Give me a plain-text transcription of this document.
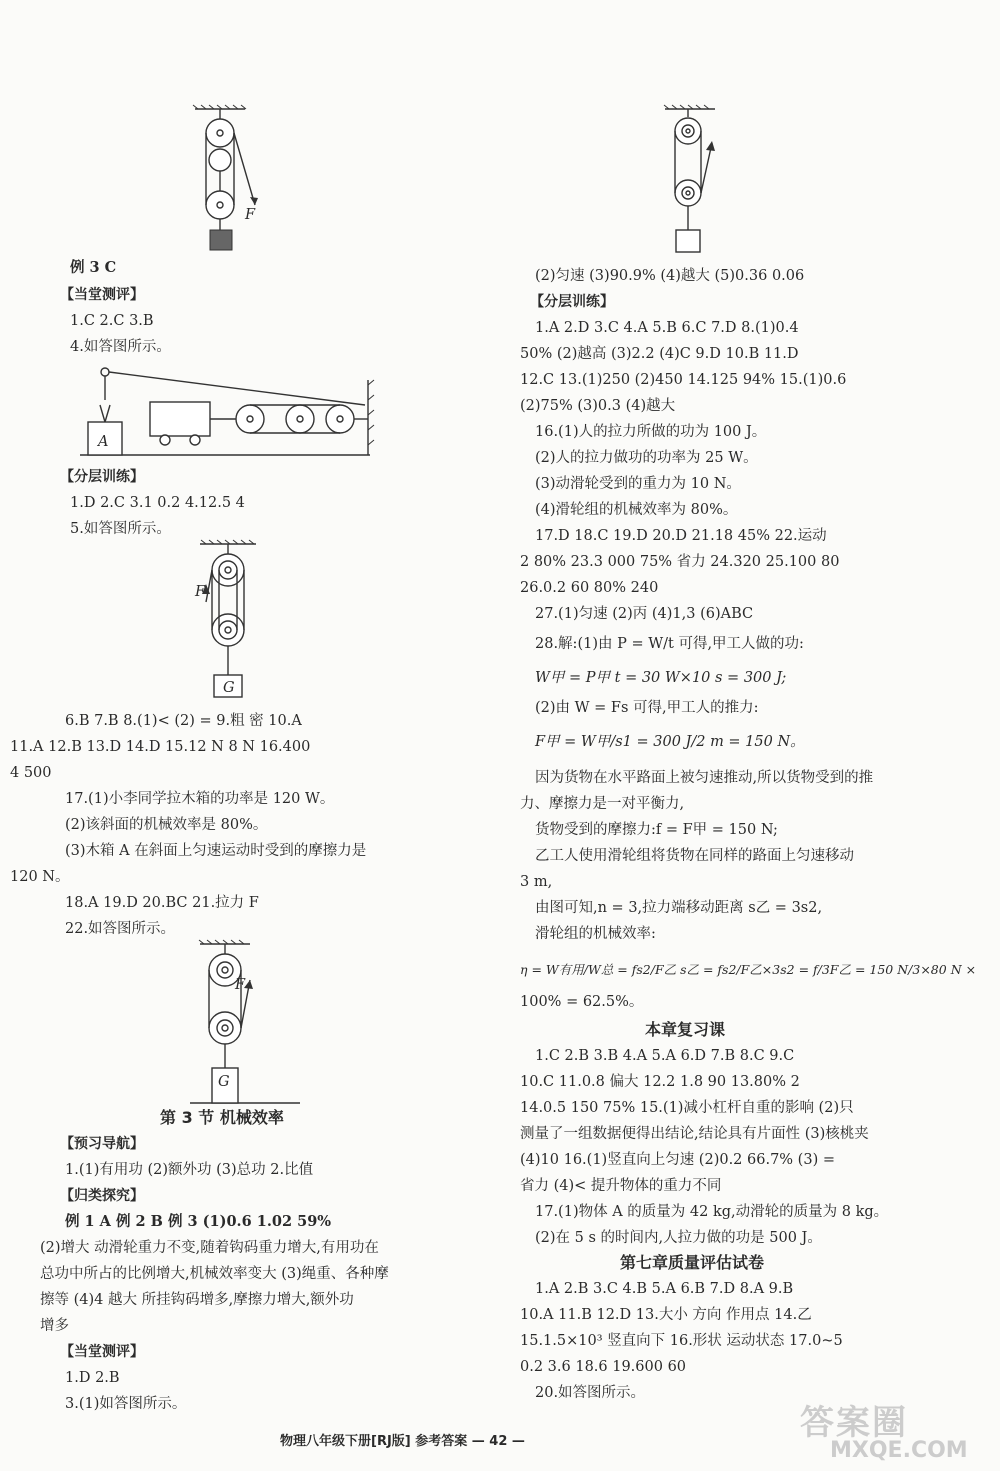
F
例 3 C
【当堂测评】
1.C 2.C 3.B
4.如答图所示。
A
【分层训练】
1.D 2.C 3.1 0.2 4.12.5 4
5.如答图所示。
F
G
6.B 7.B 8.(1)< (2) = 9.粗 密 10.A
11.A 12.B 13.D 14.D 15.12 N 8 N 16.400
4 500
17.(1)小李同学拉木箱的功率是 120 W。
(2)该斜面的机械效率是 80%。
(3)木箱 A 在斜面上匀速运动时受到的摩擦力是
120 N。
18.A 19.D 20.BC 21.拉力 F
22.如答图所示。
F
G
第 3 节 机械效率
【预习导航】
1.(1)有用功 (2)额外功 (3)总功 2.比值
【归类探究】
例 1 A 例 2 B 例 3 (1)0.6 1.02 59%
(2)增大 动滑轮重力不变,随着钩码重力增大,有用功在
总功中所占的比例增大,机械效率变大 (3)绳重、各种摩
擦等 (4)4 越大 所挂钩码增多,摩擦力增大,额外功
增多
【当堂测评】
1.D 2.B
3.(1)如答图所示。
(2)匀速 (3)90.9% (4)越大 (5)0.36 0.06
【分层训练】
1.A 2.D 3.C 4.A 5.B 6.C 7.D 8.(1)0.4
50% (2)越高 (3)2.2 (4)C 9.D 10.B 11.D
12.C 13.(1)250 (2)450 14.125 94% 15.(1)0.6
(2)75% (3)0.3 (4)越大
16.(1)人的拉力所做的功为 100 J。
(2)人的拉力做功的功率为 25 W。
(3)动滑轮受到的重力为 10 N。
(4)滑轮组的机械效率为 80%。
17.D 18.C 19.D 20.D 21.18 45% 22.运动
2 80% 23.3 000 75% 省力 24.320 25.100 80
26.0.2 60 80% 240
27.(1)匀速 (2)丙 (4)1,3 (6)ABC
28.解:(1)由 P = W/t 可得,甲工人做的功:
W甲 = P甲 t = 30 W×10 s = 300 J;
(2)由 W = Fs 可得,甲工人的推力:
F甲 = W甲/s1 = 300 J/2 m = 150 N。
因为货物在水平路面上被匀速推动,所以货物受到的推
力、摩擦力是一对平衡力,
货物受到的摩擦力:f = F甲 = 150 N;
乙工人使用滑轮组将货物在同样的路面上匀速移动
3 m,
由图可知,n = 3,拉力端移动距离 s乙 = 3s2,
滑轮组的机械效率:
η = W有用/W总 = fs2/F乙 s乙 = fs2/F乙×3s2 = f/3F乙 = 150 N/3×80 N ×
100% = 62.5%。
本章复习课
1.C 2.B 3.B 4.A 5.A 6.D 7.B 8.C 9.C
10.C 11.0.8 偏大 12.2 1.8 90 13.80% 2
14.0.5 150 75% 15.(1)减小杠杆自重的影响 (2)只
测量了一组数据便得出结论,结论具有片面性 (3)核桃夹
(4)10 16.(1)竖直向上匀速 (2)0.2 66.7% (3) =
省力 (4)< 提升物体的重力不同
17.(1)物体 A 的质量为 42 kg,动滑轮的质量为 8 kg。
(2)在 5 s 的时间内,人拉力做的功是 500 J。
第七章质量评估试卷
1.A 2.B 3.C 4.B 5.A 6.B 7.D 8.A 9.B
10.A 11.B 12.D 13.大小 方向 作用点 14.乙
15.1.5×10³ 竖直向下 16.形状 运动状态 17.0~5
0.2 3.6 18.6 19.600 60
20.如答图所示。
物理八年级下册[RJ版] 参考答案 — 42 —	答案圈
MXQE.COM
